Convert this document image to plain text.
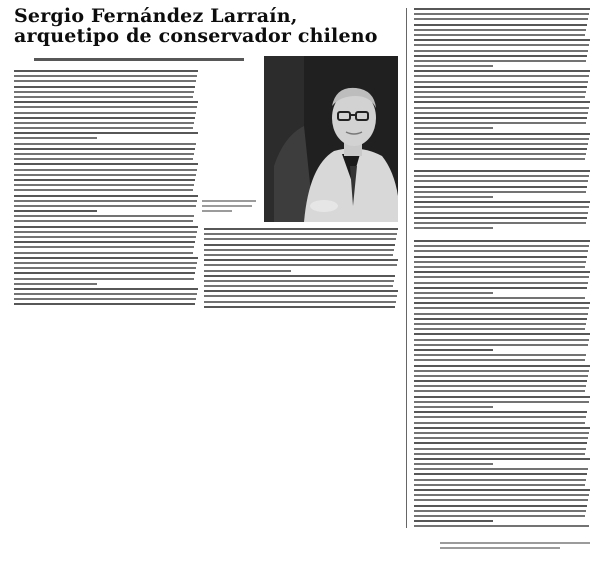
Sergio Fernández Larraín,
arquetipo de conservador chileno
